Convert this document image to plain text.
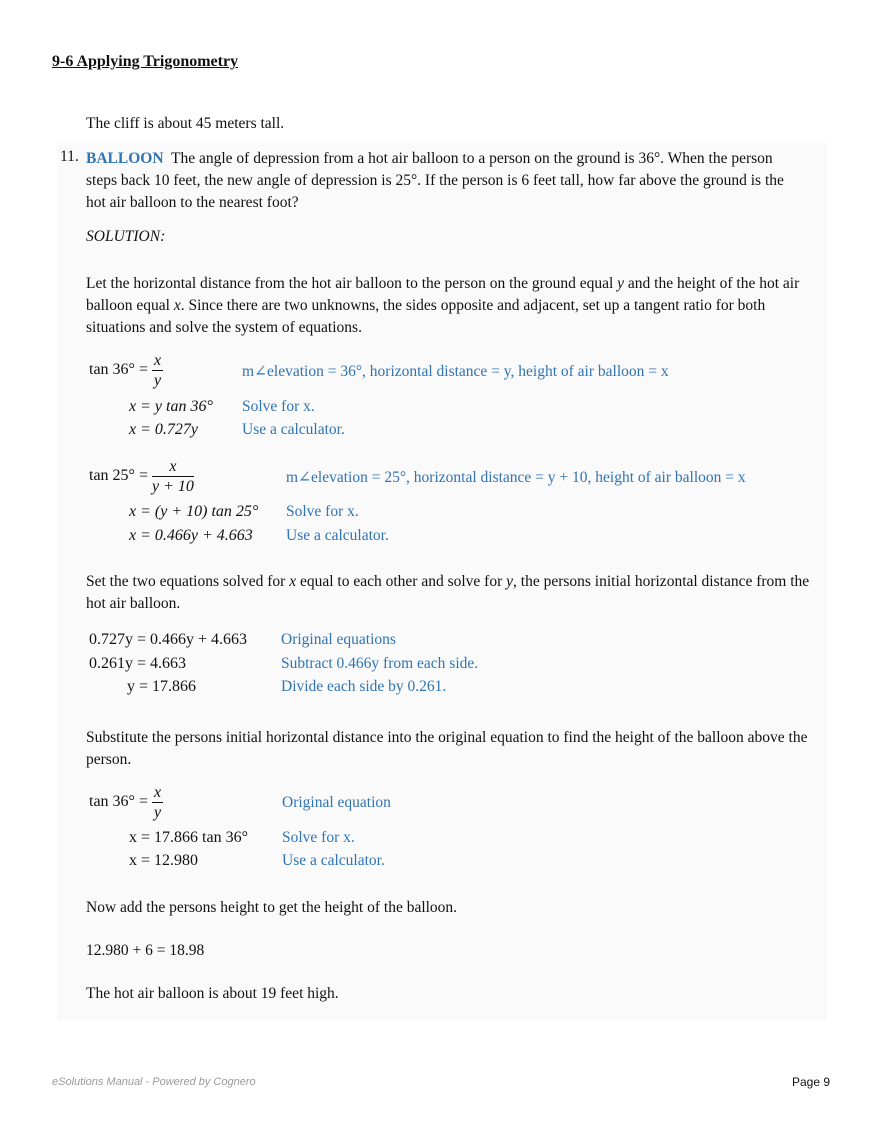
9-6 Applying Trigonometry
The cliff is about 45 meters tall.
11. BALLOON The angle of depression from a hot air balloon to a person on the ground is 36°. When the person
steps back 10 feet, the new angle of depression is 25°. If the person is 6 feet tall, how far above the ground is the
hot air balloon to the nearest foot?
SOLUTION:
Let the horizontal distance from the hot air balloon to the person on the ground equal y and the height of the hot air balloon equal x. Since there are two unknowns, the sides opposite and adjacent, set up a tangent ratio for both situations and solve the system of equations.
$\tan 36^\circ = \frac{x}{y}$	m∠elevation = 36°, horizontal distance = y, height of air balloon = x
x = y tan 36° Solve for x.
x = 0.727y	Use a calculator.
$\tan 25^\circ = \frac{x}{y + 10}$	m∠elevation = 25°, horizontal distance = y + 10, height of air balloon = x
x = (y + 10) tan 25° Solve for x.
x = 0.466y + 4.663 Use a calculator.
Set the two equations solved for x equal to each other and solve for y, the persons initial horizontal distance from the hot air balloon.
0.727y = 0.466y + 4.663 Original equations
0.261y = 4.663	Subtract 0.466y from each side.
y = 17.866	Divide each side by 0.261.
Substitute the persons initial horizontal distance into the original equation to find the height of the balloon above the person.
$\tan 36^\circ = \frac{x}{y}$	Original equation
x = 17.866 tan 36° Solve for x.
x = 12.980	Use a calculator.
Now add the persons height to get the height of the balloon.
12.980 + 6 = 18.98
The hot air balloon is about 19 feet high.
eSolutions Manual - Powered by Cognero	Page 9
